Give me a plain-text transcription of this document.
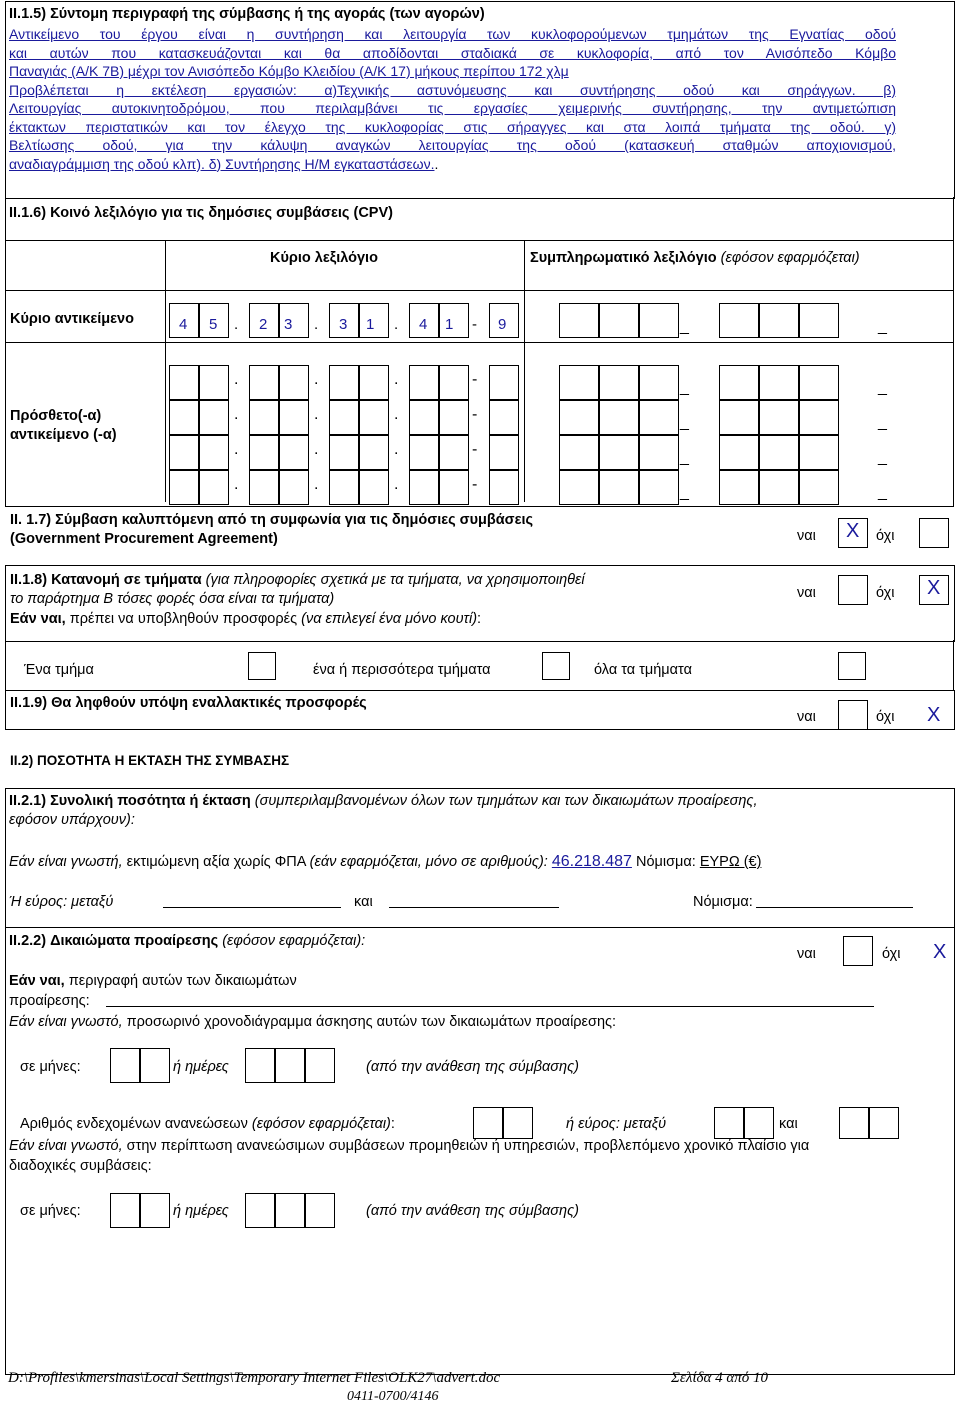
II.1.5) Σύντομη περιγραφή της σύμβασης ή της αγοράς (των αγορών)
Αντικείμενο του έργου είναι η συντήρηση και λειτουργία των κυκλοφορούμενων τμημάτων της Εγνατίας οδού
και αυτών που κατασκευάζονται και θα αποδίδονται σταδιακά σε κυκλοφορία, από τον Ανισόπεδο Κόμβο
Παναγιάς (Α/Κ 7Β) μέχρι τον Ανισόπεδο Κόμβο Κλειδίου (Α/Κ 17) μήκους περίπου 172 χλμ
Προβλέπεται η εκτέλεση εργασιών: α)Τεχνικής αστυνόμευσης και συντήρησης οδού και σηράγγων. β)
Λειτουργίας αυτοκινητοδρόμου, που περιλαμβάνει τις εργασίες χειμερινής συντήρησης, την αντιμετώπιση
έκτακτων περιστατικών και τον έλεγχο της κυκλοφορίας στις σήραγγες και στα λοιπά τμήματα της οδού. γ)
Βελτίωσης οδού, για την κάλυψη αναγκών λειτουργίας της οδού (κατασκευή σταθμών αποχιονισμού,
αναδιαγράμμιση της οδού κλπ). δ) Συντήρησης Η/Μ εγκαταστάσεων..
II.1.6) Κοινό λεξιλόγιο για τις δημόσιες συμβάσεις (CPV)
Κύριο λεξιλόγιο	Συμπληρωματικό λεξιλόγιο (εφόσον εφαρμόζεται)
Κύριο αντικείμενο	4 5 . 2 3 . 3 1 . 4 1 - 9	_	_
Πρόσθετο(-α)
αντικείμενο (-α)
.	.	.	-	_	_
.	.	.	-	_	_
.	.	.	-	_	_
.	.	.	-	_	_
II. 1.7) Σύμβαση καλυπτόμενη από τη συμφωνία για τις δημόσιες συμβάσεις
(Government Procurement Agreement)	ναι X όχι
II.1.8) Κατανομή σε τμήματα (για πληροφορίες σχετικά με τα τμήματα, να χρησιμοποιηθεί
το παράρτημα Β τόσες φορές όσα είναι τα τμήματα)
Εάν ναι, πρέπει να υποβληθούν προσφορές (να επιλεγεί ένα μόνο κουτί):
ναι	όχι X
Ένα τμήμα	ένα ή περισσότερα τμήματα	όλα τα τμήματα
II.1.9) Θα ληφθούν υπόψη εναλλακτικές προσφορές
ναι	όχι X
II.2) ΠΟΣΟΤΗΤΑ Η ΕΚΤΑΣΗ ΤΗΣ ΣΥΜΒΑΣΗΣ
II.2.1) Συνολική ποσότητα ή έκταση (συμπεριλαμβανομένων όλων των τμημάτων και των δικαιωμάτων προαίρεσης,
εφόσον υπάρχουν):
Εάν είναι γνωστή, εκτιμώμενη αξία χωρίς ΦΠΑ (εάν εφαρμόζεται, μόνο σε αριθμούς): 46.218.487 Νόμισμα: ΕΥΡΩ (€)
Ή εύρος: μεταξύ	και	Νόμισμα:
II.2.2) Δικαιώματα προαίρεσης (εφόσον εφαρμόζεται):
ναι	όχι X
Εάν ναι, περιγραφή αυτών των δικαιωμάτων
προαίρεσης:
Εάν είναι γνωστό, προσωρινό χρονοδιάγραμμα άσκησης αυτών των δικαιωμάτων προαίρεσης:
σε μήνες:	ή ημέρες	(από την ανάθεση της σύμβασης)
Αριθμός ενδεχομένων ανανεώσεων (εφόσον εφαρμόζεται):	ή εύρος: μεταξύ	και
Εάν είναι γνωστό, στην περίπτωση ανανεώσιμων συμβάσεων προμηθειών ή υπηρεσιών, προβλεπόμενο χρονικό πλαίσιο για
διαδοχικές συμβάσεις:
σε μήνες:	ή ημέρες	(από την ανάθεση της σύμβασης)
D:\Profiles\kmersinas\Local Settings\Temporary Internet Files\OLK27\advert.doc	Σελίδα 4 από 10
0411-0700/4146
